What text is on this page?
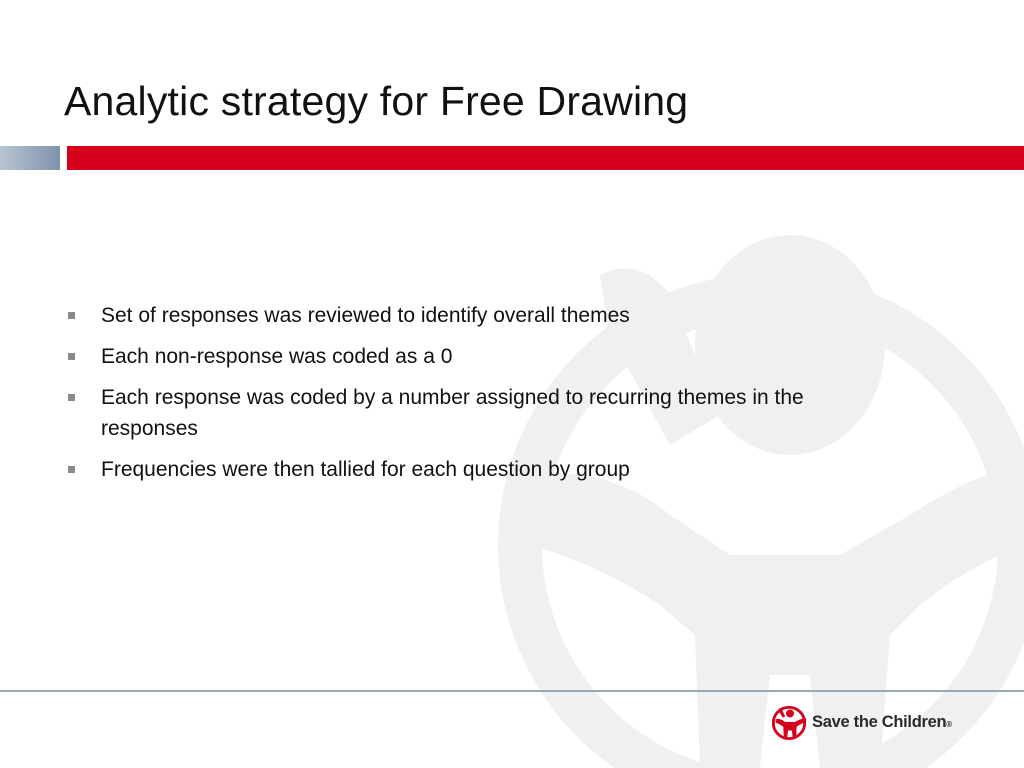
Analytic strategy for Free Drawing
Set of responses was reviewed to identify overall themes
Each non-response was coded as a 0
Each response was coded by a number assigned to recurring themes in the responses
Frequencies were then tallied for each question by group
Save the Children®
